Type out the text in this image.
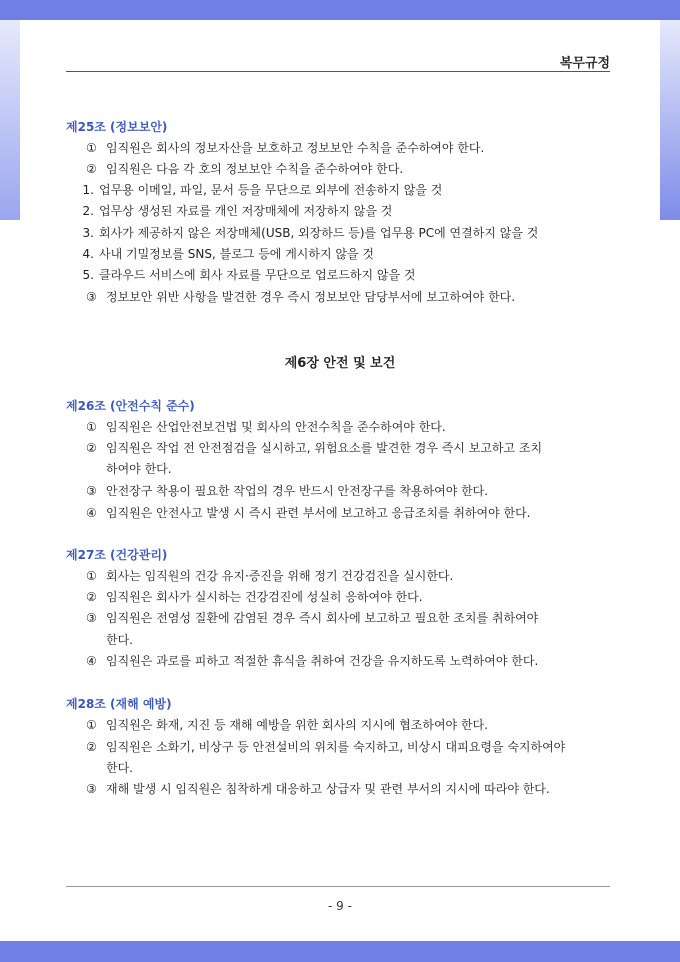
복무규정
제25조 (정보보안)
① 임직원은 회사의 정보자산을 보호하고 정보보안 수칙을 준수하여야 한다.
② 임직원은 다음 각 호의 정보보안 수칙을 준수하여야 한다.
1. 업무용 이메일, 파일, 문서 등을 무단으로 외부에 전송하지 않을 것
2. 업무상 생성된 자료를 개인 저장매체에 저장하지 않을 것
3. 회사가 제공하지 않은 저장매체(USB, 외장하드 등)를 업무용 PC에 연결하지 않을 것
4. 사내 기밀정보를 SNS, 블로그 등에 게시하지 않을 것
5. 클라우드 서비스에 회사 자료를 무단으로 업로드하지 않을 것
③ 정보보안 위반 사항을 발견한 경우 즉시 정보보안 담당부서에 보고하여야 한다.
제6장 안전 및 보건
제26조 (안전수칙 준수)
① 임직원은 산업안전보건법 및 회사의 안전수칙을 준수하여야 한다.
② 임직원은 작업 전 안전점검을 실시하고, 위험요소를 발견한 경우 즉시 보고하고 조치
하여야 한다.
③ 안전장구 착용이 필요한 작업의 경우 반드시 안전장구를 착용하여야 한다.
④ 임직원은 안전사고 발생 시 즉시 관련 부서에 보고하고 응급조치를 취하여야 한다.
제27조 (건강관리)
① 회사는 임직원의 건강 유지·증진을 위해 정기 건강검진을 실시한다.
② 임직원은 회사가 실시하는 건강검진에 성실히 응하여야 한다.
③ 임직원은 전염성 질환에 감염된 경우 즉시 회사에 보고하고 필요한 조치를 취하여야
한다.
④ 임직원은 과로를 피하고 적절한 휴식을 취하여 건강을 유지하도록 노력하여야 한다.
제28조 (재해 예방)
① 임직원은 화재, 지진 등 재해 예방을 위한 회사의 지시에 협조하여야 한다.
② 임직원은 소화기, 비상구 등 안전설비의 위치를 숙지하고, 비상시 대피요령을 숙지하여야
한다.
③ 재해 발생 시 임직원은 침착하게 대응하고 상급자 및 관련 부서의 지시에 따라야 한다.
- 9 -
